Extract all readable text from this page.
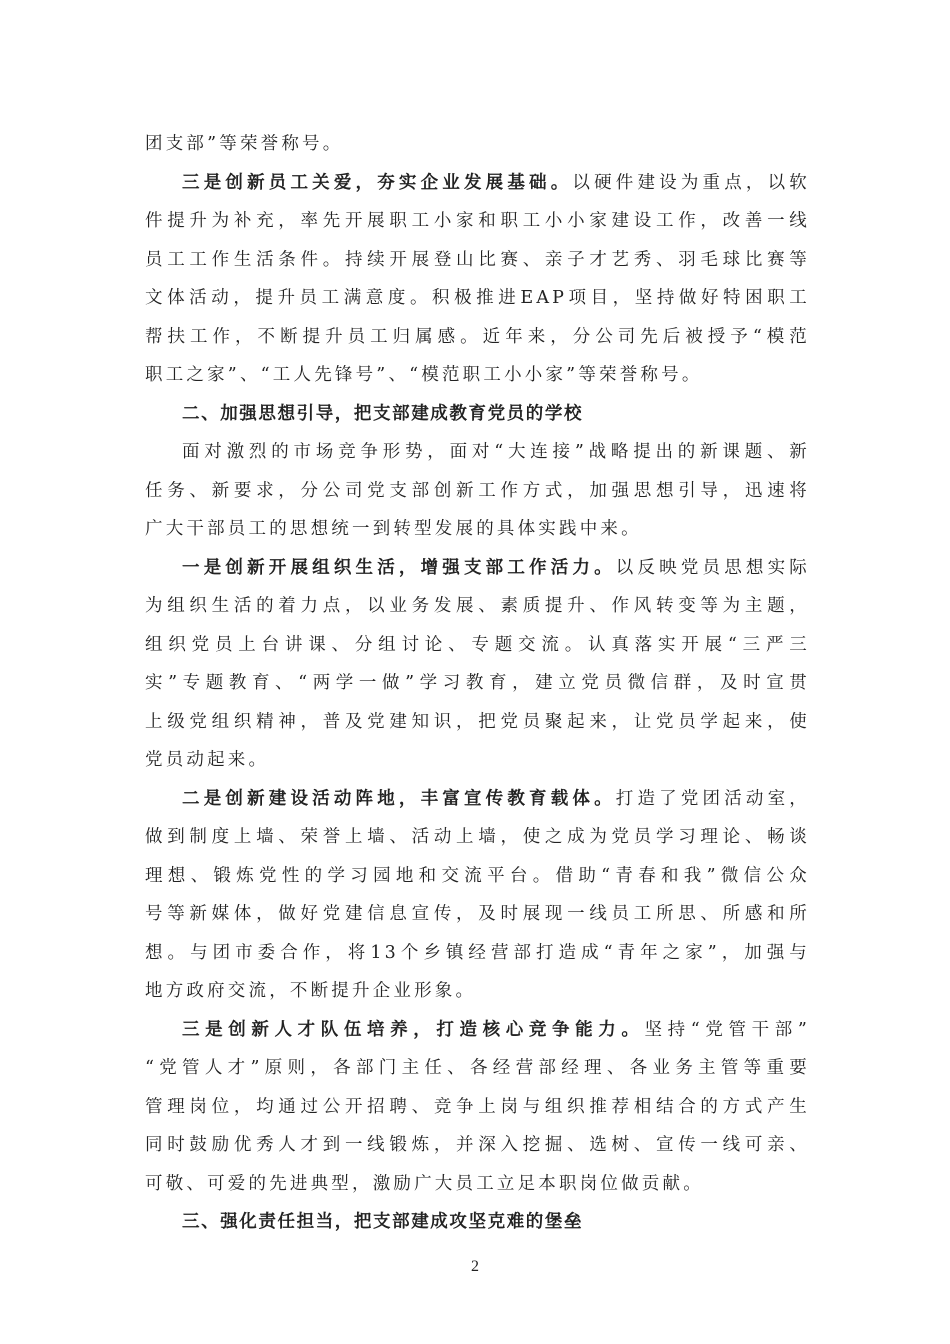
团支部”等荣誉称号。
三是创新员工关爱，夯实企业发展基础。以硬件建设为重点，以软
件提升为补充，率先开展职工小家和职工小小家建设工作，改善一线
员工工作生活条件。持续开展登山比赛、亲子才艺秀、羽毛球比赛等
文体活动，提升员工满意度。积极推进EAP项目，坚持做好特困职工
帮扶工作，不断提升员工归属感。近年来，分公司先后被授予“模范
职工之家”、“工人先锋号”、“模范职工小小家”等荣誉称号。
二、加强思想引导，把支部建成教育党员的学校
面对激烈的市场竞争形势，面对“大连接”战略提出的新课题、新
任务、新要求，分公司党支部创新工作方式，加强思想引导，迅速将
广大干部员工的思想统一到转型发展的具体实践中来。
一是创新开展组织生活，增强支部工作活力。以反映党员思想实际
为组织生活的着力点，以业务发展、素质提升、作风转变等为主题，
组织党员上台讲课、分组讨论、专题交流。认真落实开展“三严三
实”专题教育、“两学一做”学习教育，建立党员微信群，及时宣贯
上级党组织精神，普及党建知识，把党员聚起来，让党员学起来，使
党员动起来。
二是创新建设活动阵地，丰富宣传教育载体。打造了党团活动室，
做到制度上墙、荣誉上墙、活动上墙，使之成为党员学习理论、畅谈
理想、锻炼党性的学习园地和交流平台。借助“青春和我”微信公众
号等新媒体，做好党建信息宣传，及时展现一线员工所思、所感和所
想。与团市委合作，将13个乡镇经营部打造成“青年之家”，加强与
地方政府交流，不断提升企业形象。
三是创新人才队伍培养，打造核心竞争能力。坚持“党管干部”
“党管人才”原则，各部门主任、各经营部经理、各业务主管等重要
管理岗位，均通过公开招聘、竞争上岗与组织推荐相结合的方式产生
同时鼓励优秀人才到一线锻炼，并深入挖掘、选树、宣传一线可亲、
可敬、可爱的先进典型，激励广大员工立足本职岗位做贡献。
三、强化责任担当，把支部建成攻坚克难的堡垒
2
